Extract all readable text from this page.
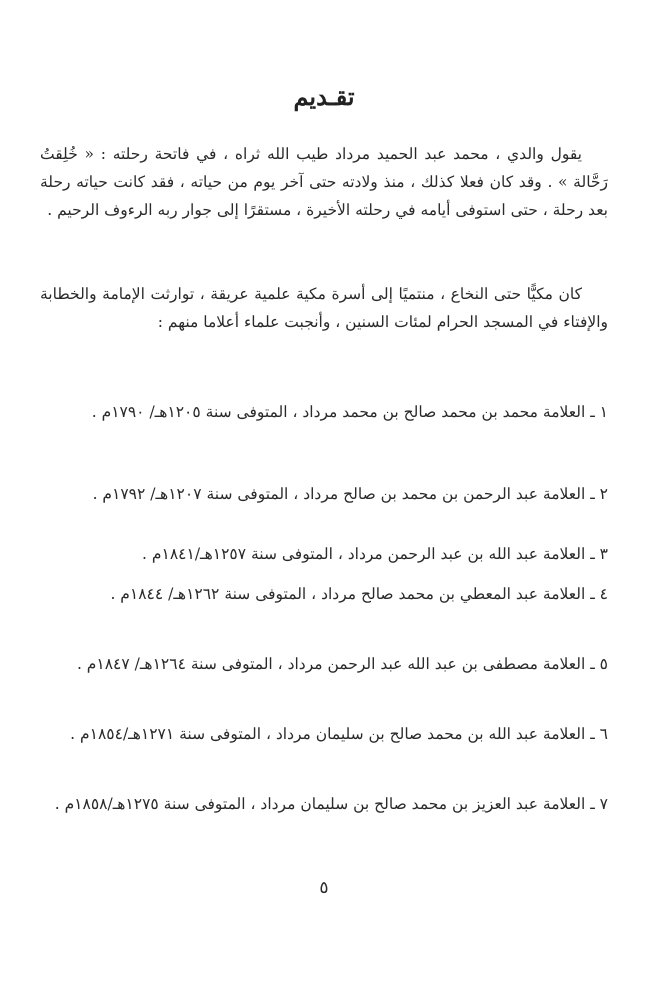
تقـديم
يقول والدي ، محمد عبد الحميد مرداد طيب الله ثراه ، في فاتحة رحلته : « خُلِقتُ رَحَّالة » . وقد كان فعلا كذلك ، منذ ولادته حتى آخر يوم من حياته ، فقد كانت حياته رحلة بعد رحلة ، حتى استوفى أيامه في رحلته الأخيرة ، مستقرًا إلى جوار ربه الرءوف الرحيم .
كان مكيًّا حتى النخاع ، منتميًا إلى أسرة مكية علمية عريقة ، توارثت الإمامة والخطابة والإفتاء في المسجد الحرام لمئات السنين ، وأنجبت علماء أعلاما منهم :
١ ـ العلامة محمد بن محمد صالح بن محمد مرداد ، المتوفى سنة ١٢٠٥هـ/ ١٧٩٠م .
٢ ـ العلامة عبد الرحمن بن محمد بن صالح مرداد ، المتوفى سنة ١٢٠٧هـ/ ١٧٩٢م .
٣ ـ العلامة عبد الله بن عبد الرحمن مرداد ، المتوفى سنة ١٢٥٧هـ/١٨٤١م .
٤ ـ العلامة عبد المعطي بن محمد صالح مرداد ، المتوفى سنة ١٢٦٢هـ/ ١٨٤٤م .
٥ ـ العلامة مصطفى بن عبد الله عبد الرحمن مرداد ، المتوفى سنة ١٢٦٤هـ/ ١٨٤٧م .
٦ ـ العلامة عبد الله بن محمد صالح بن سليمان مرداد ، المتوفى سنة ١٢٧١هـ/١٨٥٤م .
٧ ـ العلامة عبد العزيز بن محمد صالح بن سليمان مرداد ، المتوفى سنة ١٢٧٥هـ/١٨٥٨م .
٥
